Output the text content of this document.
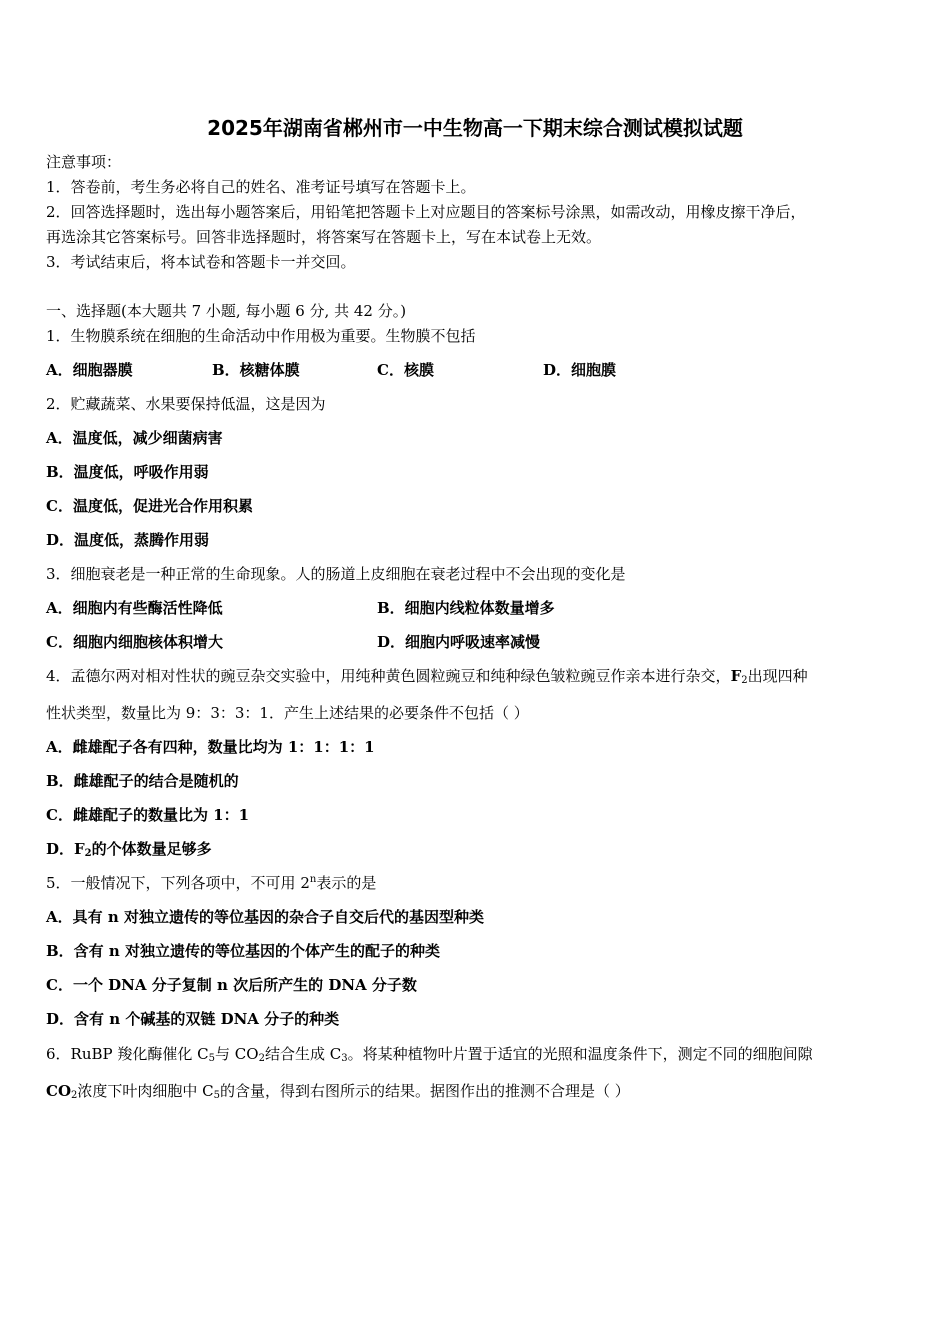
2025年湖南省郴州市一中生物高一下期末综合测试模拟试题
注意事项：
1．答卷前，考生务必将自己的姓名、准考证号填写在答题卡上。
2．回答选择题时，选出每小题答案后，用铅笔把答题卡上对应题目的答案标号涂黑，如需改动，用橡皮擦干净后，
再选涂其它答案标号。回答非选择题时，将答案写在答题卡上，写在本试卷上无效。
3．考试结束后，将本试卷和答题卡一并交回。
一、选择题(本大题共 7 小题, 每小题 6 分, 共 42 分。)
1．生物膜系统在细胞的生命活动中作用极为重要。生物膜不包括
A．细胞器膜	B．核糖体膜	C．核膜	D．细胞膜
2．贮藏蔬菜、水果要保持低温，这是因为
A．温度低，减少细菌病害
B．温度低，呼吸作用弱
C．温度低，促进光合作用积累
D．温度低，蒸腾作用弱
3．细胞衰老是一种正常的生命现象。人的肠道上皮细胞在衰老过程中不会出现的变化是
A．细胞内有些酶活性降低	B．细胞内线粒体数量增多
C．细胞内细胞核体积增大	D．细胞内呼吸速率减慢
4．孟德尔两对相对性状的豌豆杂交实验中，用纯种黄色圆粒豌豆和纯种绿色皱粒豌豆作亲本进行杂交，$F_2$出现四种
性状类型，数量比为 9：3：3：1．产生上述结果的必要条件不包括（ ）
A．雌雄配子各有四种，数量比均为 1：1：1：1
B．雌雄配子的结合是随机的
C．雌雄配子的数量比为 1：1
D．$F_2$的个体数量足够多
5．一般情况下，下列各项中，不可用 2$^n$表示的是
A．具有 n 对独立遗传的等位基因的杂合子自交后代的基因型种类
B．含有 n 对独立遗传的等位基因的个体产生的配子的种类
C．一个 DNA 分子复制 n 次后所产生的 DNA 分子数
D．含有 n 个碱基的双链 DNA 分子的种类
6．RuBP 羧化酶催化 $C_5$与 $CO_2$结合生成 $C_3$。将某种植物叶片置于适宜的光照和温度条件下，测定不同的细胞间隙
$CO_2$浓度下叶肉细胞中 $C_5$的含量，得到右图所示的结果。据图作出的推测不合理是（ ）
